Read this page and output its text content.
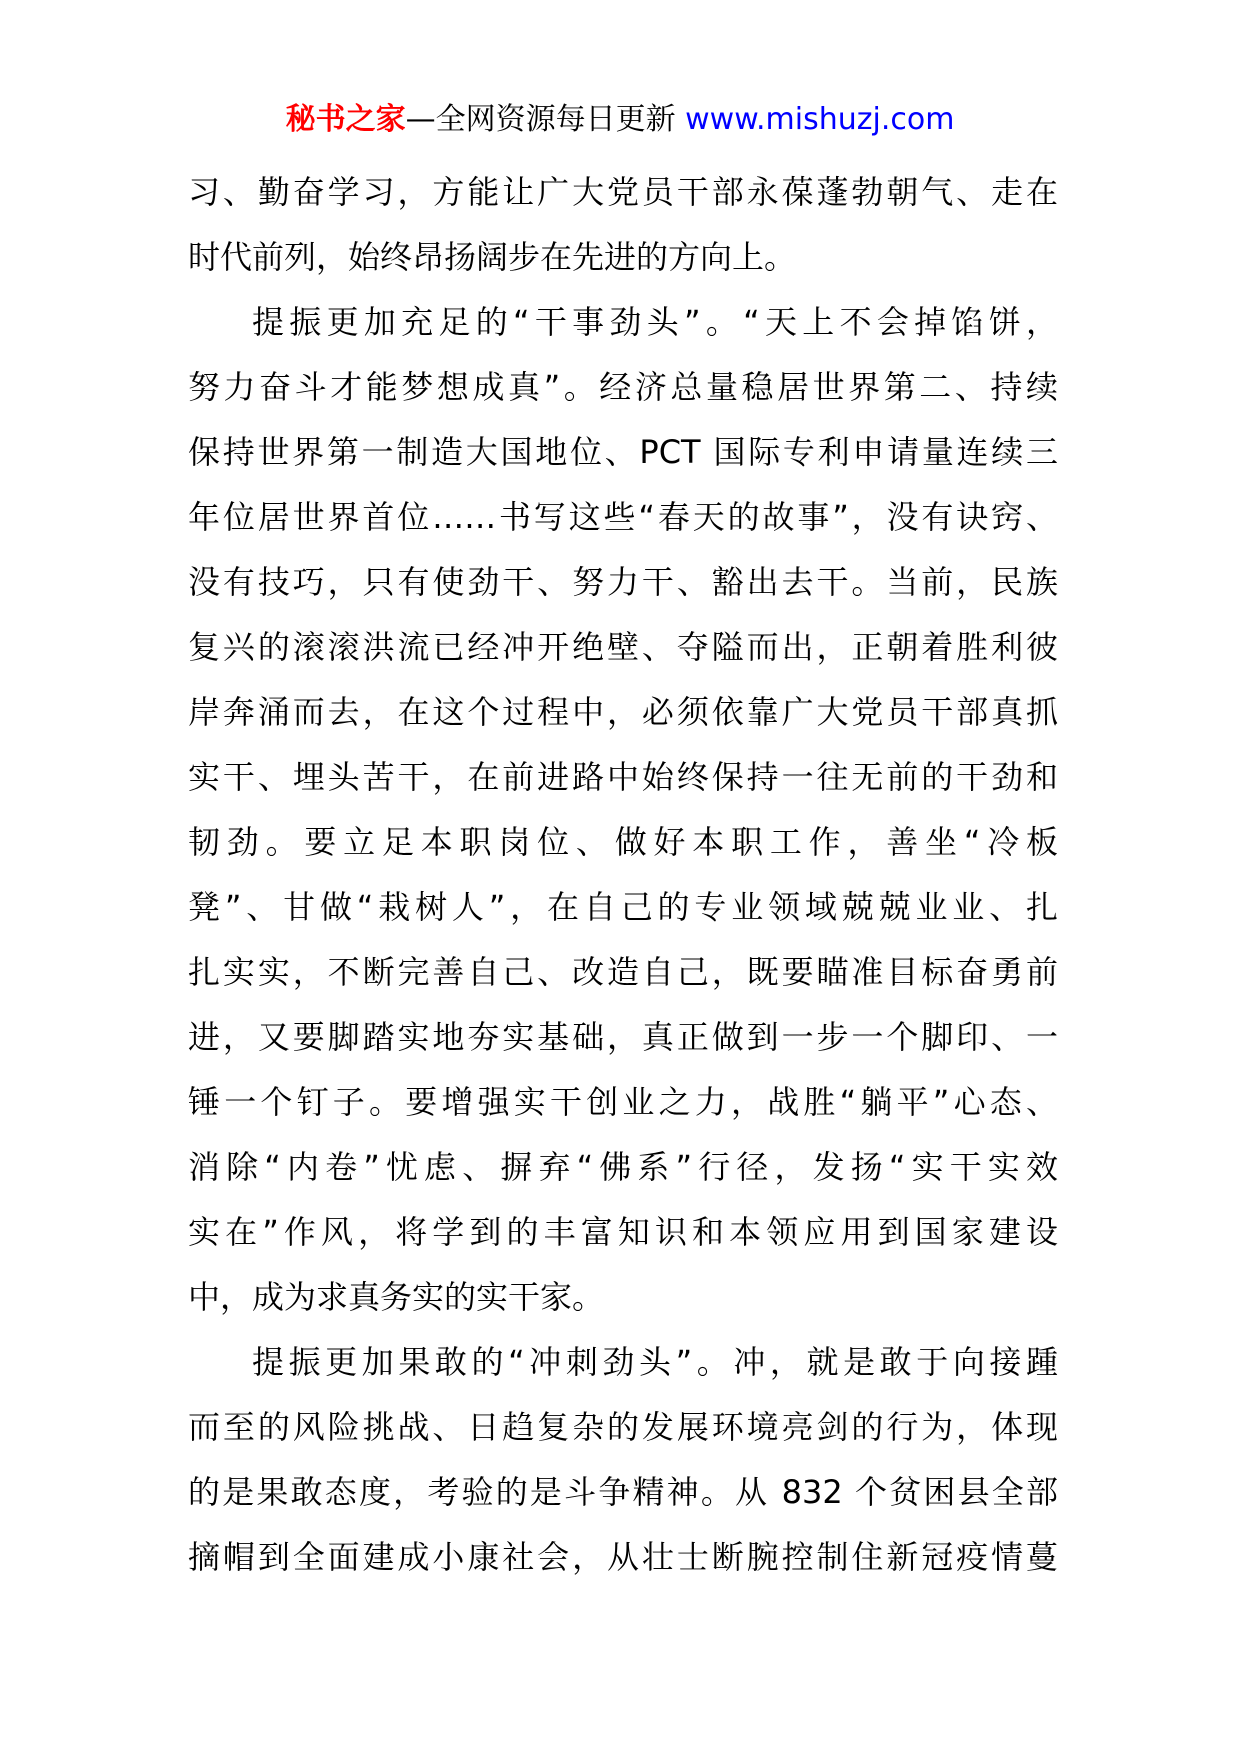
秘书之家—全网资源每日更新 www.mishuzj.com
习、勤奋学习，方能让广大党员干部永葆蓬勃朝气、走在
时代前列，始终昂扬阔步在先进的方向上。
提振更加充足的“干事劲头”。“天上不会掉馅饼，
努力奋斗才能梦想成真”。经济总量稳居世界第二、持续
保持世界第一制造大国地位、PCT 国际专利申请量连续三
年位居世界首位……书写这些“春天的故事”，没有诀窍、
没有技巧，只有使劲干、努力干、豁出去干。当前，民族
复兴的滚滚洪流已经冲开绝壁、夺隘而出，正朝着胜利彼
岸奔涌而去，在这个过程中，必须依靠广大党员干部真抓
实干、埋头苦干，在前进路中始终保持一往无前的干劲和
韧劲。要立足本职岗位、做好本职工作，善坐“冷板
凳”、甘做“栽树人”，在自己的专业领域兢兢业业、扎
扎实实，不断完善自己、改造自己，既要瞄准目标奋勇前
进，又要脚踏实地夯实基础，真正做到一步一个脚印、一
锤一个钉子。要增强实干创业之力，战胜“躺平”心态、
消除“内卷”忧虑、摒弃“佛系”行径，发扬“实干实效
实在”作风，将学到的丰富知识和本领应用到国家建设
中，成为求真务实的实干家。
提振更加果敢的“冲刺劲头”。冲，就是敢于向接踵
而至的风险挑战、日趋复杂的发展环境亮剑的行为，体现
的是果敢态度，考验的是斗争精神。从 832 个贫困县全部
摘帽到全面建成小康社会，从壮士断腕控制住新冠疫情蔓
